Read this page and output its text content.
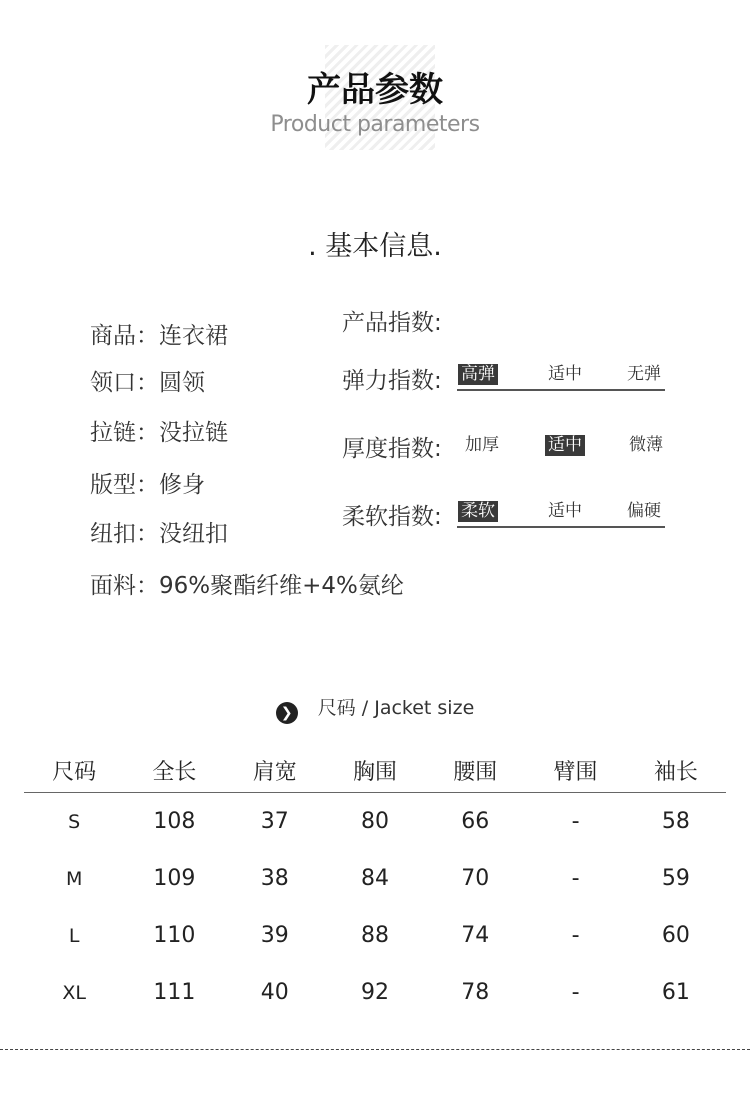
产品参数
Product parameters
. 基本信息.
商品：连衣裙
领口：圆领
拉链：没拉链
版型：修身
纽扣：没纽扣
面料：96%聚酯纤维+4%氨纶
产品指数:
弹力指数: 高弹	适中	无弹
厚度指数: 加厚	适中	微薄
柔软指数: 柔软	适中	偏硬
❯ 尺码 / Jacket size
尺码	全长	肩宽	胸围	腰围	臂围	袖长
S	108	37	80	66	-	58
M	109	38	84	70	-	59
L	110	39	88	74	-	60
XL	111	40	92	78	-	61
